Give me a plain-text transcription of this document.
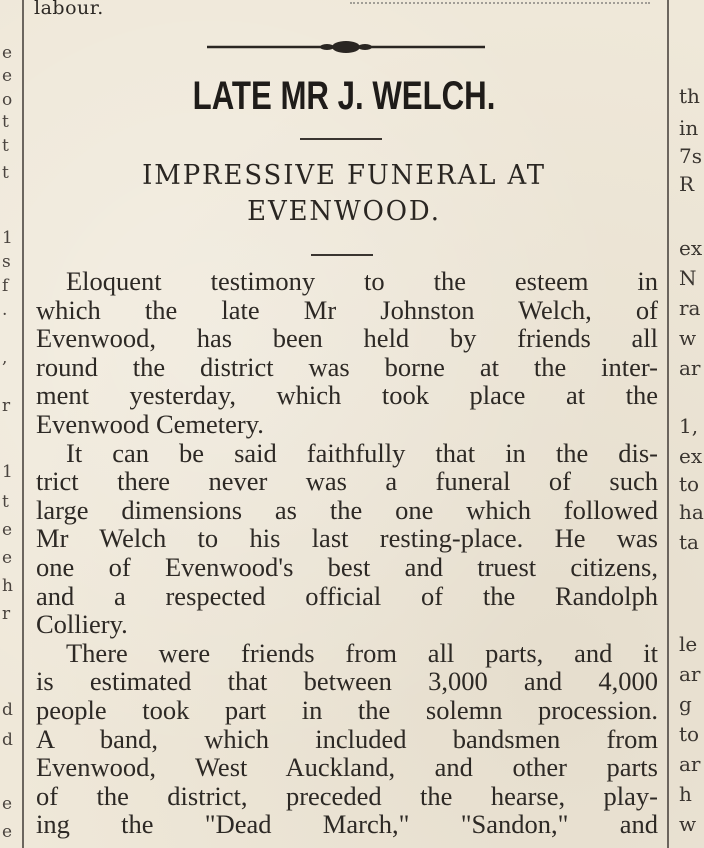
e
e
o
t
t
t
1
s
f
.
,
r
1
t
e
e
h
r
d
d
e
e
th
in
7s
R
ex
N
ra
w
ar
1,
ex
to
ha
ta
le
ar
g
to
ar
h
w
labour.
LATE MR J. WELCH.
IMPRESSIVE FUNERAL AT
EVENWOOD.
Eloquent testimony to the esteem in
which the late Mr Johnston Welch, of
Evenwood, has been held by friends all
round the district was borne at the inter-
ment yesterday, which took place at the
Evenwood Cemetery.
It can be said faithfully that in the dis-
trict there never was a funeral of such
large dimensions as the one which followed
Mr Welch to his last resting-place. He was
one of Evenwood's best and truest citizens,
and a respected official of the Randolph
Colliery.
There were friends from all parts, and it
is estimated that between 3,000 and 4,000
people took part in the solemn procession.
A band, which included bandsmen from
Evenwood, West Auckland, and other parts
of the district, preceded the hearse, play-
ing the "Dead March," "Sandon," and
